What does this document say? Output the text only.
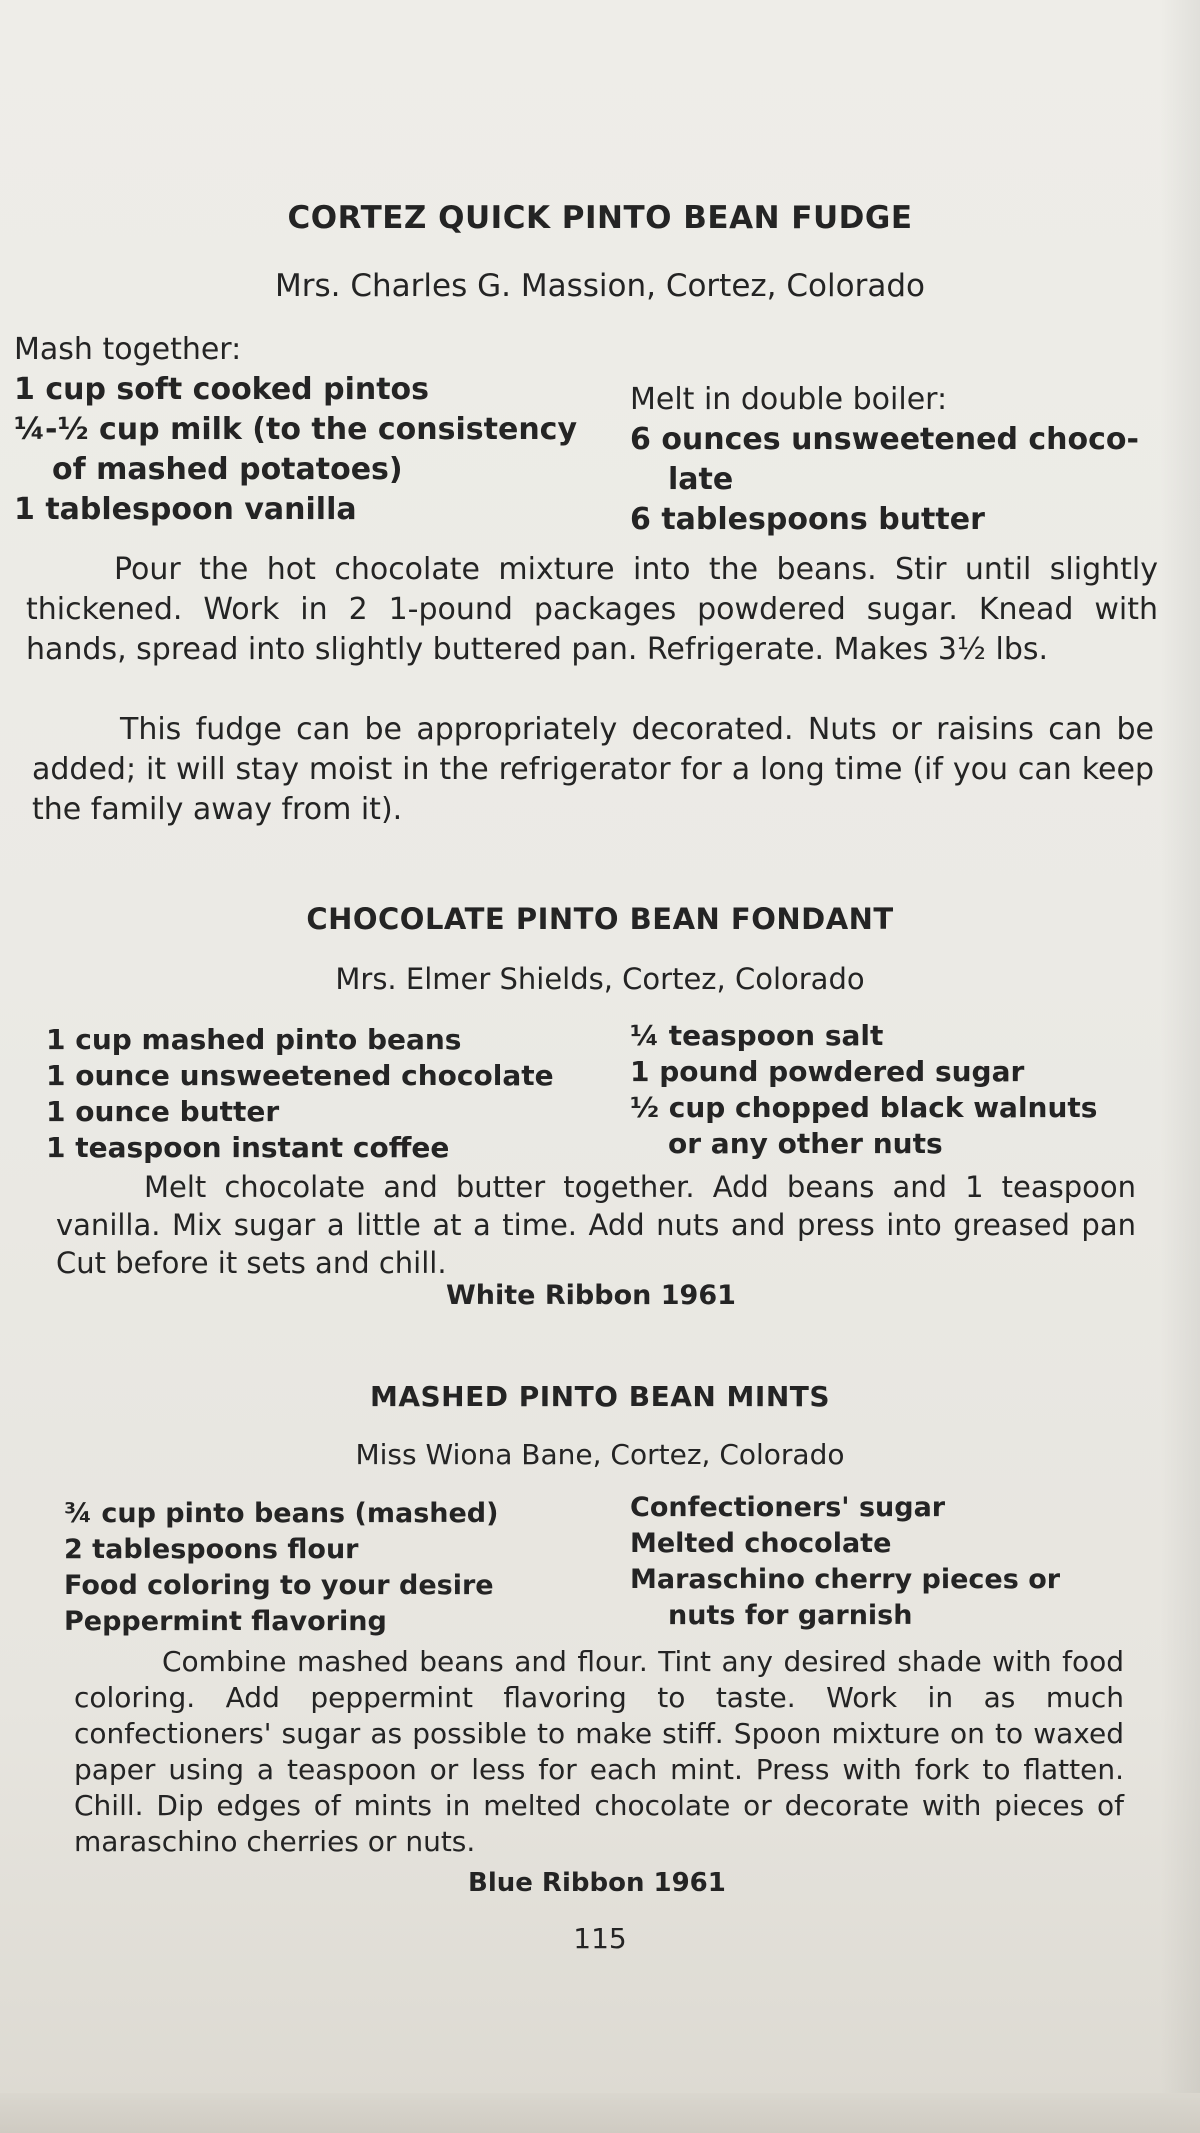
CORTEZ QUICK PINTO BEAN FUDGE
Mrs. Charles G. Massion, Cortez, Colorado
Mash together:
1 cup soft cooked pintos
¼-½ cup milk (to the consistency
of mashed potatoes)
1 tablespoon vanilla
Melt in double boiler:
6 ounces unsweetened choco-
late
6 tablespoons butter

Pour the hot chocolate mixture into the beans. Stir until slightly thickened. Work in 2 1-pound packages powdered sugar. Knead with hands, spread into slightly buttered pan. Refrigerate. Makes 3½ lbs.

This fudge can be appropriately decorated. Nuts or raisins can be added; it will stay moist in the refrigerator for a long time (if you can keep the family away from it).

CHOCOLATE PINTO BEAN FONDANT
Mrs. Elmer Shields, Cortez, Colorado
1 cup mashed pinto beans
1 ounce unsweetened chocolate
1 ounce butter
1 teaspoon instant coffee
¼ teaspoon salt
1 pound powdered sugar
½ cup chopped black walnuts
or any other nuts

Melt chocolate and butter together. Add beans and 1 teaspoon vanilla. Mix sugar a little at a time. Add nuts and press into greased pan Cut before it sets and chill.

White Ribbon 1961
MASHED PINTO BEAN MINTS
Miss Wiona Bane, Cortez, Colorado
¾ cup pinto beans (mashed)
2 tablespoons flour
Food coloring to your desire
Peppermint flavoring
Confectioners' sugar
Melted chocolate
Maraschino cherry pieces or
nuts for garnish

Combine mashed beans and flour. Tint any desired shade with food coloring. Add peppermint flavoring to taste. Work in as much confectioners' sugar as possible to make stiff. Spoon mixture on to waxed paper using a teaspoon or less for each mint. Press with fork to flatten. Chill. Dip edges of mints in melted chocolate or decorate with pieces of maraschino cherries or nuts.

Blue Ribbon 1961
115
